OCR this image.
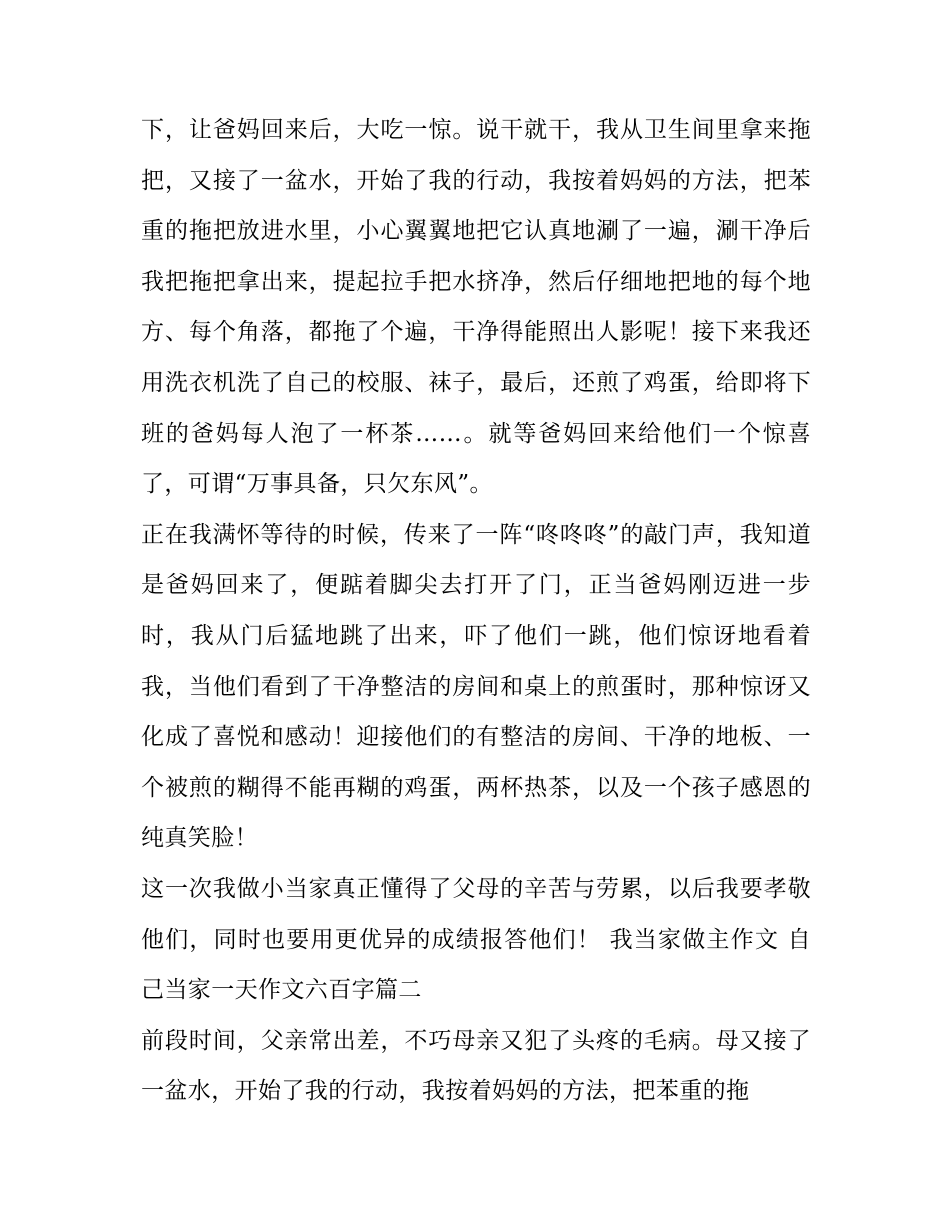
下，让爸妈回来后，大吃一惊。说干就干，我从卫生间里拿来拖把，又接了一盆水，开始了我的行动，我按着妈妈的方法，把苯重的拖把放进水里，小心翼翼地把它认真地涮了一遍，涮干净后我把拖把拿出来，提起拉手把水挤净，然后仔细地把地的每个地方、每个角落，都拖了个遍，干净得能照出人影呢！接下来我还用洗衣机洗了自己的校服、袜子，最后，还煎了鸡蛋，给即将下班的爸妈每人泡了一杯茶……。就等爸妈回来给他们一个惊喜了，可谓“万事具备，只欠东风”。

正在我满怀等待的时候，传来了一阵“咚咚咚”的敲门声，我知道是爸妈回来了，便踮着脚尖去打开了门，正当爸妈刚迈进一步时，我从门后猛地跳了出来，吓了他们一跳，他们惊讶地看着我，当他们看到了干净整洁的房间和桌上的煎蛋时，那种惊讶又化成了喜悦和感动！迎接他们的有整洁的房间、干净的地板、一个被煎的糊得不能再糊的鸡蛋，两杯热茶，以及一个孩子感恩的纯真笑脸！

这一次我做小当家真正懂得了父母的辛苦与劳累，以后我要孝敬他们，同时也要用更优异的成绩报答他们！ 我当家做主作文 自己当家一天作文六百字篇二

前段时间，父亲常出差，不巧母亲又犯了头疼的毛病。母又接了一盆水，开始了我的行动，我按着妈妈的方法，把苯重的拖
